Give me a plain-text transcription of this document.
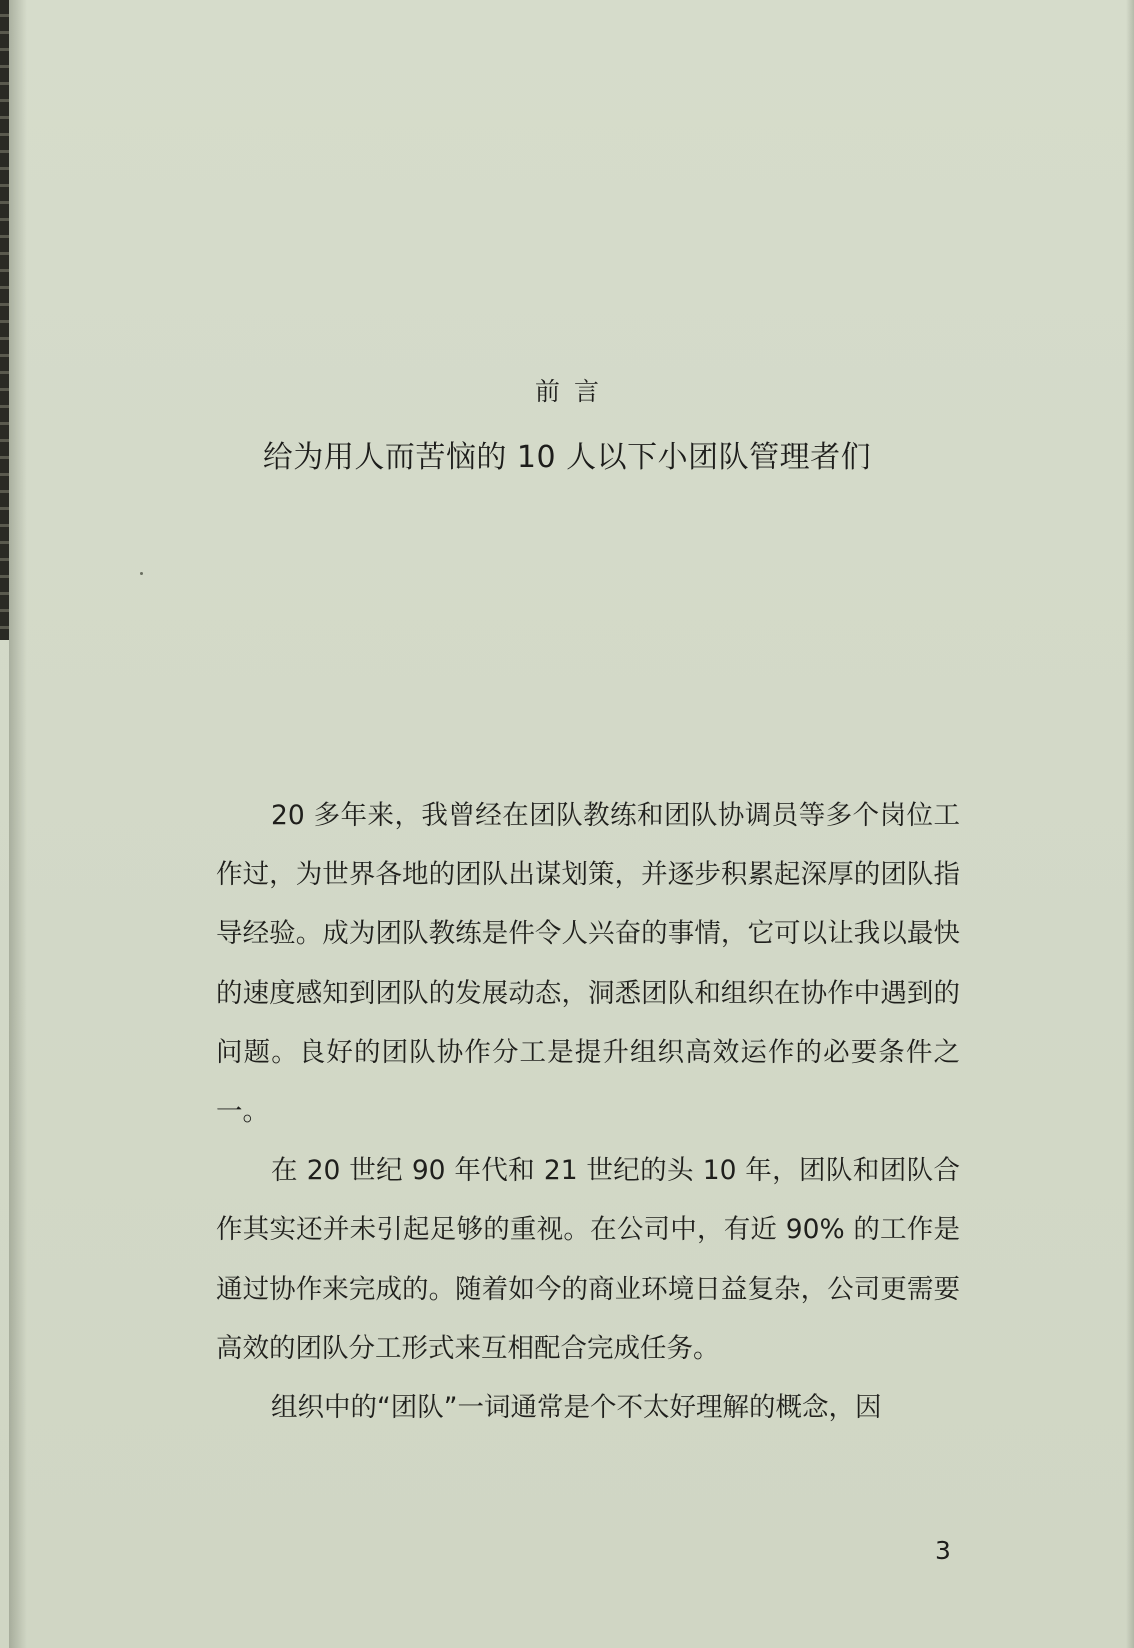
前言
给为用人而苦恼的 10 人以下小团队管理者们

20 多年来，我曾经在团队教练和团队协调员等多个岗位工作过，为世界各地的团队出谋划策，并逐步积累起深厚的团队指导经验。成为团队教练是件令人兴奋的事情，它可以让我以最快的速度感知到团队的发展动态，洞悉团队和组织在协作中遇到的问题。良好的团队协作分工是提升组织高效运作的必要条件之一。

在 20 世纪 90 年代和 21 世纪的头 10 年，团队和团队合作其实还并未引起足够的重视。在公司中，有近 90% 的工作是通过协作来完成的。随着如今的商业环境日益复杂，公司更需要高效的团队分工形式来互相配合完成任务。

组织中的“团队”一词通常是个不太好理解的概念，因

3
